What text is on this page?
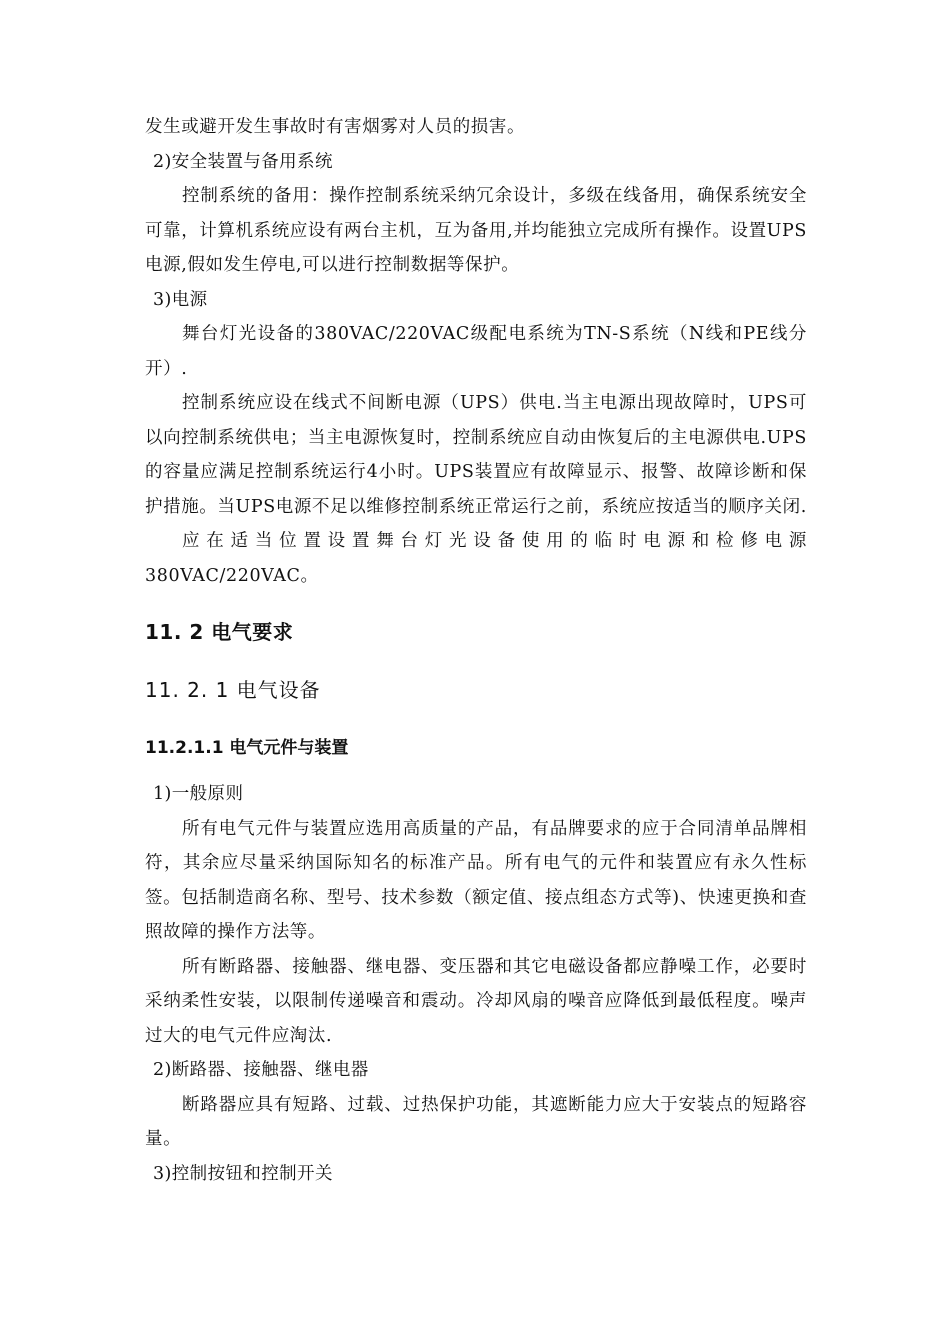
发生或避开发生事故时有害烟雾对人员的损害。

2)安全装置与备用系统

控制系统的备用：操作控制系统采纳冗余设计，多级在线备用，确保系统安全可靠，计算机系统应设有两台主机，互为备用,并均能独立完成所有操作。设置UPS电源,假如发生停电,可以进行控制数据等保护。

3)电源

舞台灯光设备的380VAC/220VAC级配电系统为TN-S系统（N线和PE线分开）.

控制系统应设在线式不间断电源（UPS）供电.当主电源出现故障时，UPS可以向控制系统供电；当主电源恢复时，控制系统应自动由恢复后的主电源供电.UPS的容量应满足控制系统运行4小时。UPS装置应有故障显示、报警、故障诊断和保护措施。当UPS电源不足以维修控制系统正常运行之前，系统应按适当的顺序关闭.

应在适当位置设置舞台灯光设备使用的临时电源和检修电源380VAC/220VAC。

11. 2 电气要求
11. 2. 1 电气设备
11.2.1.1 电气元件与装置

1)一般原则

所有电气元件与装置应选用高质量的产品，有品牌要求的应于合同清单品牌相符，其余应尽量采纳国际知名的标准产品。所有电气的元件和装置应有永久性标签。包括制造商名称、型号、技术参数（额定值、接点组态方式等)、快速更换和查照故障的操作方法等。

所有断路器、接触器、继电器、变压器和其它电磁设备都应静噪工作，必要时采纳柔性安装，以限制传递噪音和震动。冷却风扇的噪音应降低到最低程度。噪声过大的电气元件应淘汰.

2)断路器、接触器、继电器

断路器应具有短路、过载、过热保护功能，其遮断能力应大于安装点的短路容量。

3)控制按钮和控制开关
